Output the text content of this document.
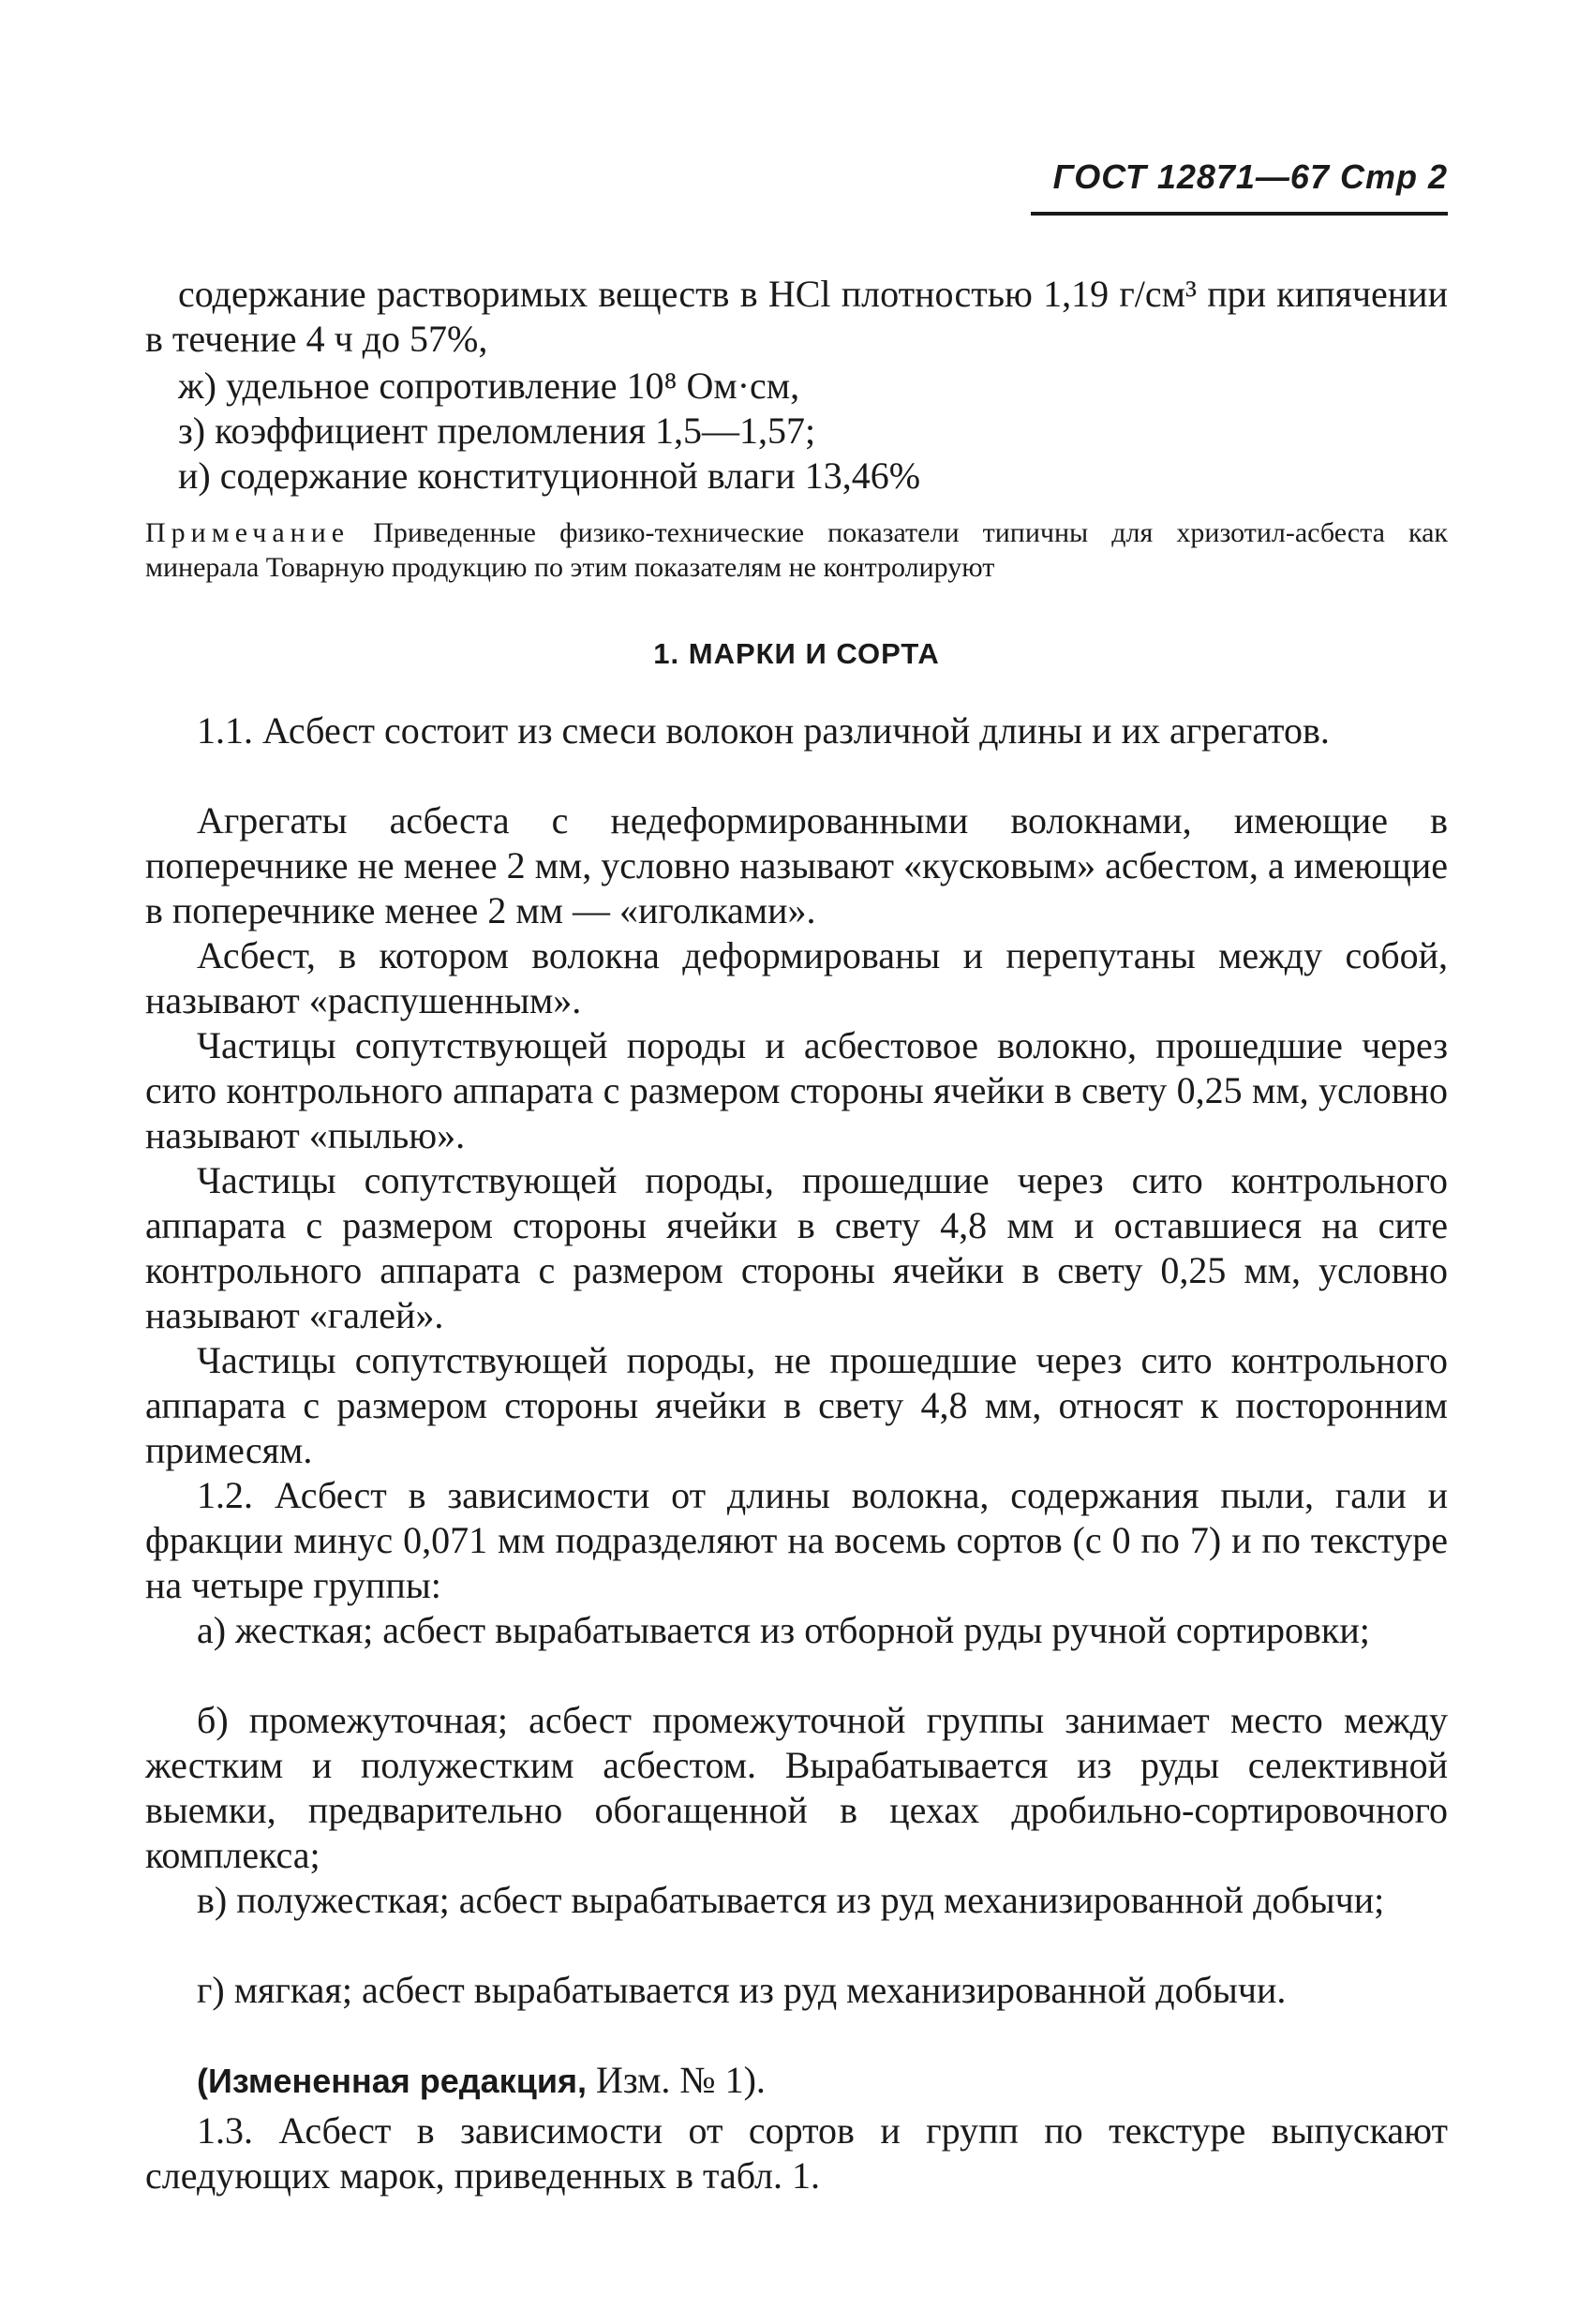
ГОСТ 12871—67 Стр 2

содержание растворимых веществ в HCl плотностью 1,19 г/см³ при кипячении в течение 4 ч до 57%,

ж) удельное сопротивление 10⁸ Ом·см,

з) коэффициент преломления 1,5—1,57;

и) содержание конституционной влаги 13,46%

Примечание Приведенные физико-технические показатели типичны для хризотил-асбеста как минерала Товарную продукцию по этим показателям не контролируют

1. МАРКИ И СОРТА

1.1. Асбест состоит из смеси волокон различной длины и их агрегатов.

Агрегаты асбеста с недеформированными волокнами, имеющие в поперечнике не менее 2 мм, условно называют «кусковым» асбестом, а имеющие в поперечнике менее 2 мм — «иголками».

Асбест, в котором волокна деформированы и перепутаны между собой, называют «распушенным».

Частицы сопутствующей породы и асбестовое волокно, прошедшие через сито контрольного аппарата с размером стороны ячейки в свету 0,25 мм, условно называют «пылью».

Частицы сопутствующей породы, прошедшие через сито контрольного аппарата с размером стороны ячейки в свету 4,8 мм и оставшиеся на сите контрольного аппарата с размером стороны ячейки в свету 0,25 мм, условно называют «галей».

Частицы сопутствующей породы, не прошедшие через сито контрольного аппарата с размером стороны ячейки в свету 4,8 мм, относят к посторонним примесям.

1.2. Асбест в зависимости от длины волокна, содержания пыли, гали и фракции минус 0,071 мм подразделяют на восемь сортов (с 0 по 7) и по текстуре на четыре группы:

а) жесткая; асбест вырабатывается из отборной руды ручной сортировки;

б) промежуточная; асбест промежуточной группы занимает место между жестким и полужестким асбестом. Вырабатывается из руды селективной выемки, предварительно обогащенной в цехах дробильно-сортировочного комплекса;

в) полужесткая; асбест вырабатывается из руд механизированной добычи;

г) мягкая; асбест вырабатывается из руд механизированной добычи.

(Измененная редакция, Изм. № 1).

1.3. Асбест в зависимости от сортов и групп по текстуре выпускают следующих марок, приведенных в табл. 1.
